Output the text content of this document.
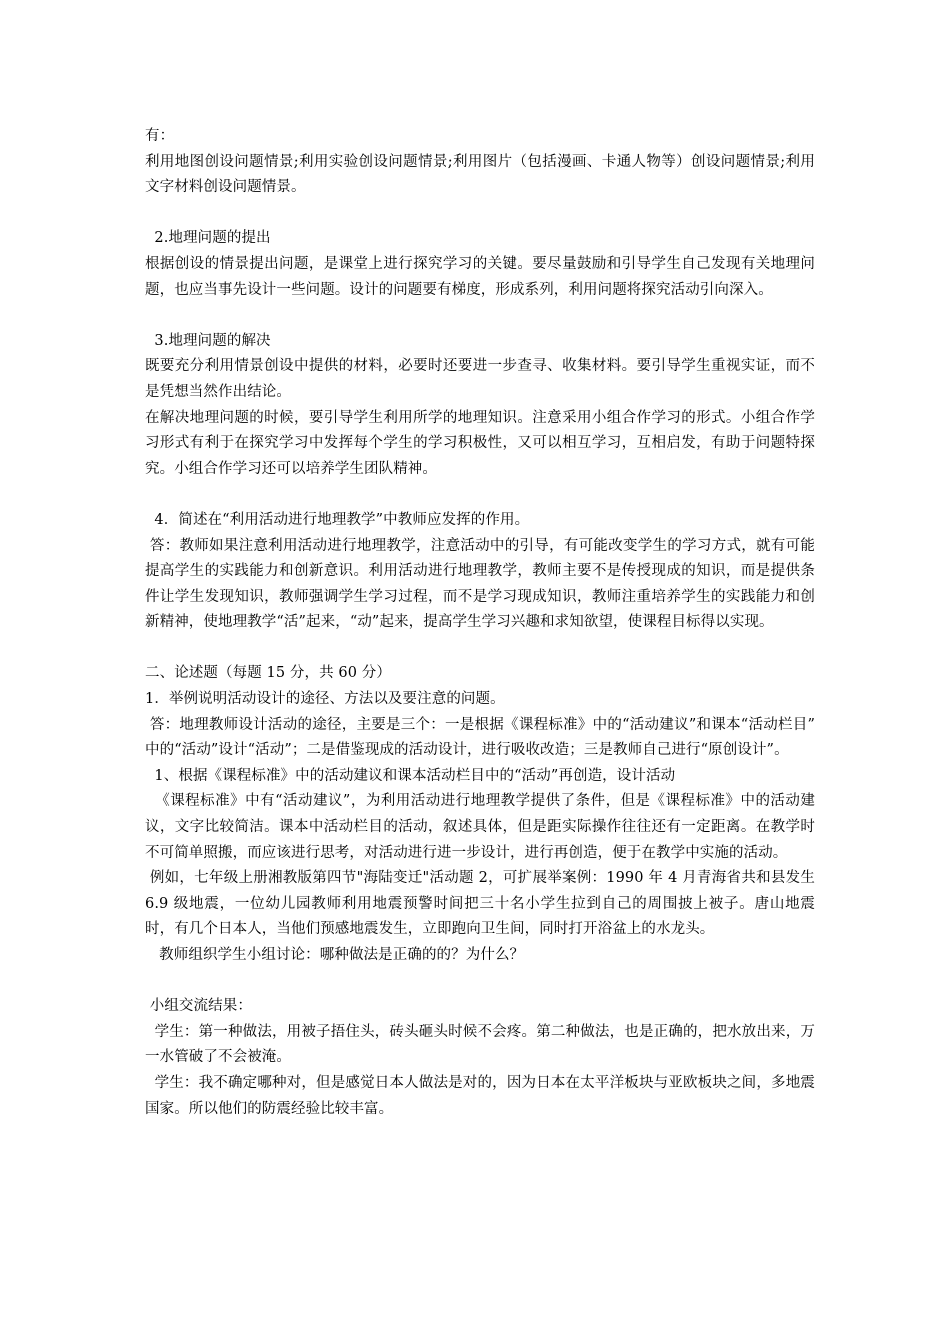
有：

利用地图创设问题情景;利用实验创设问题情景;利用图片（包括漫画、卡通人物等）创设问题情景;利用文字材料创设问题情景。

2.地理问题的提出

根据创设的情景提出问题，是课堂上进行探究学习的关键。要尽量鼓励和引导学生自己发现有关地理问题，也应当事先设计一些问题。设计的问题要有梯度，形成系列，利用问题将探究活动引向深入。

3.地理问题的解决

既要充分利用情景创设中提供的材料，必要时还要进一步查寻、收集材料。要引导学生重视实证，而不是凭想当然作出结论。

在解决地理问题的时候，要引导学生利用所学的地理知识。注意采用小组合作学习的形式。小组合作学习形式有利于在探究学习中发挥每个学生的学习积极性，又可以相互学习，互相启发，有助于问题特探究。小组合作学习还可以培养学生团队精神。

4．简述在“利用活动进行地理教学”中教师应发挥的作用。

答：教师如果注意利用活动进行地理教学，注意活动中的引导，有可能改变学生的学习方式，就有可能提高学生的实践能力和创新意识。利用活动进行地理教学，教师主要不是传授现成的知识，而是提供条件让学生发现知识，教师强调学生学习过程，而不是学习现成知识，教师注重培养学生的实践能力和创新精神，使地理教学“活”起来，“动”起来，提高学生学习兴趣和求知欲望，使课程目标得以实现。

二、论述题（每题 15 分，共 60 分）

1．举例说明活动设计的途径、方法以及要注意的问题。

答：地理教师设计活动的途径，主要是三个：一是根据《课程标准》中的“活动建议”和课本“活动栏目” 中的“活动”设计“活动”；二是借鉴现成的活动设计，进行吸收改造；三是教师自己进行“原创设计”。

1、根据《课程标准》中的活动建议和课本活动栏目中的“活动”再创造，设计活动

《课程标准》中有“活动建议”，为利用活动进行地理教学提供了条件，但是《课程标准》中的活动建议，文字比较简洁。课本中活动栏目的活动，叙述具体，但是距实际操作往往还有一定距离。在教学时不可简单照搬，而应该进行思考，对活动进行进一步设计，进行再创造，便于在教学中实施的活动。

例如，七年级上册湘教版第四节"海陆变迁"活动题 2，可扩展举案例：1990 年 4 月青海省共和县发生 6.9 级地震，一位幼儿园教师利用地震预警时间把三十名小学生拉到自己的周围披上被子。唐山地震时，有几个日本人，当他们预感地震发生，立即跑向卫生间，同时打开浴盆上的水龙头。

教师组织学生小组讨论：哪种做法是正确的的？为什么？

小组交流结果：

学生：第一种做法，用被子捂住头，砖头砸头时候不会疼。第二种做法，也是正确的，把水放出来，万一水管破了不会被淹。

学生：我不确定哪种对，但是感觉日本人做法是对的，因为日本在太平洋板块与亚欧板块之间，多地震国家。所以他们的防震经验比较丰富。
